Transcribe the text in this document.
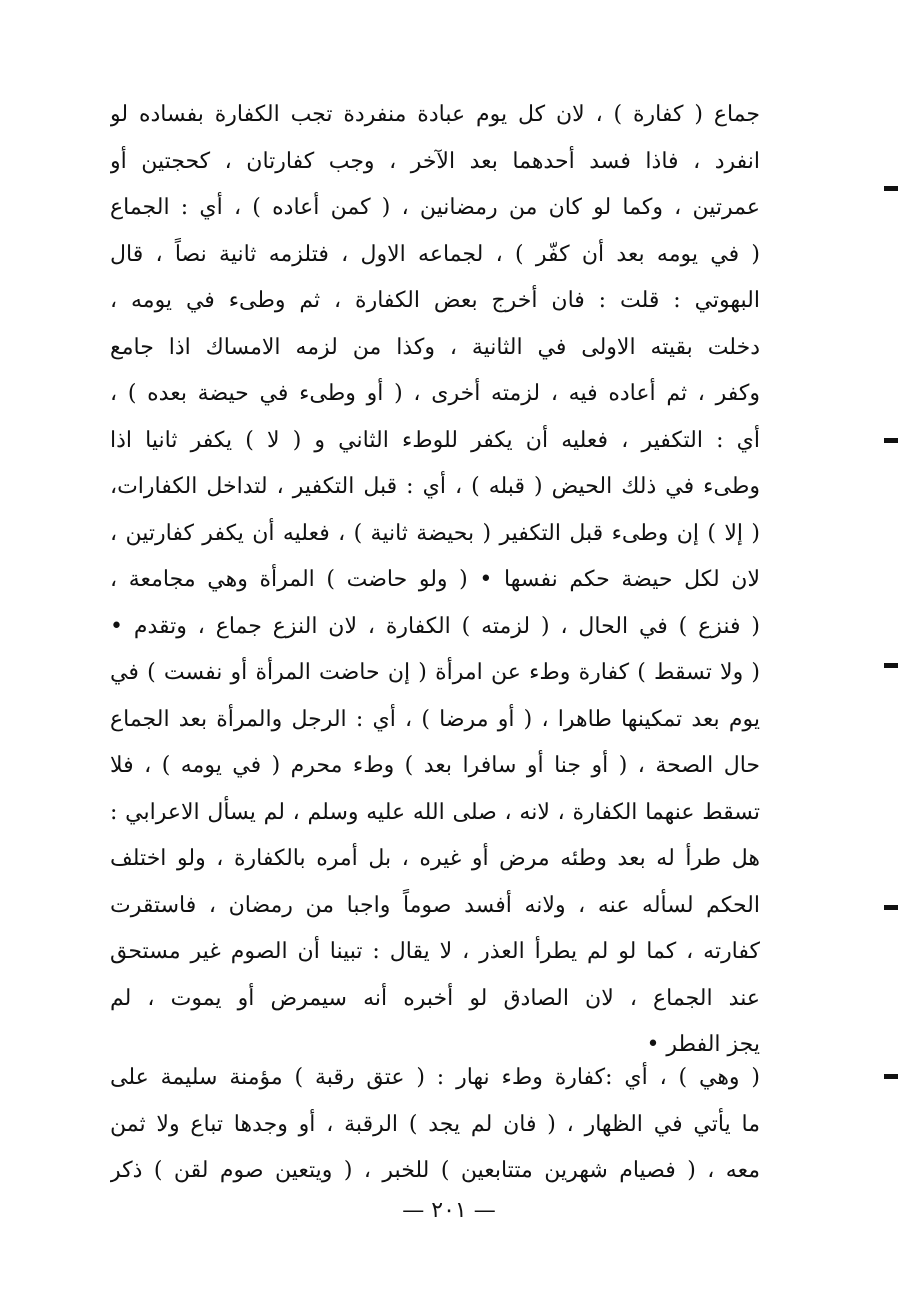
جماع ( كفارة ) ، لان كل يوم عبادة منفردة تجب الكفارة بفساده لو
انفرد ، فاذا فسد أحدهما بعد الآخر ، وجب كفارتان ، كحجتين أو
عمرتين ، وكما لو كان من رمضانين ، ( كمن أعاده ) ، أي : الجماع
( في يومه بعد أن كفّر ) ، لجماعه الاول ، فتلزمه ثانية نصاً ، قال
البهوتي : قلت : فان أخرج بعض الكفارة ، ثم وطىء في يومه ،
دخلت بقيته الاولى في الثانية ، وكذا من لزمه الامساك اذا جامع
وكفر ، ثم أعاده فيه ، لزمته أخرى ، ( أو وطىء في حيضة بعده ) ،
أي : التكفير ، فعليه أن يكفر للوطء الثاني و ( لا ) يكفر ثانيا اذا
وطىء في ذلك الحيض ( قبله ) ، أي : قبل التكفير ، لتداخل الكفارات،
( إلا ) إن وطىء قبل التكفير ( بحيضة ثانية ) ، فعليه أن يكفر كفارتين ،
لان لكل حيضة حكم نفسها • ( ولو حاضت ) المرأة وهي مجامعة ،
( فنزع ) في الحال ، ( لزمته ) الكفارة ، لان النزع جماع ، وتقدم •
( ولا تسقط ) كفارة وطء عن امرأة ( إن حاضت المرأة أو نفست ) في
يوم بعد تمكينها طاهرا ، ( أو مرضا ) ، أي : الرجل والمرأة بعد الجماع
حال الصحة ، ( أو جنا أو سافرا بعد ) وطء محرم ( في يومه ) ، فلا
تسقط عنهما الكفارة ، لانه ، صلى الله عليه وسلم ، لم يسأل الاعرابي :
هل طرأ له بعد وطئه مرض أو غيره ، بل أمره بالكفارة ، ولو اختلف
الحكم لسأله عنه ، ولانه أفسد صوماً واجبا من رمضان ، فاستقرت
كفارته ، كما لو لم يطرأ العذر ، لا يقال : تبينا أن الصوم غير مستحق
عند الجماع ، لان الصادق لو أخبره أنه سيمرض أو يموت ، لم
يجز الفطر •
( وهي ) ، أي :كفارة وطء نهار : ( عتق رقبة ) مؤمنة سليمة على
ما يأتي في الظهار ، ( فان لم يجد ) الرقبة ، أو وجدها تباع ولا ثمن
معه ، ( فصيام شهرين متتابعين ) للخبر ، ( ويتعين صوم لقن ) ذكر
— ٢٠١ —
